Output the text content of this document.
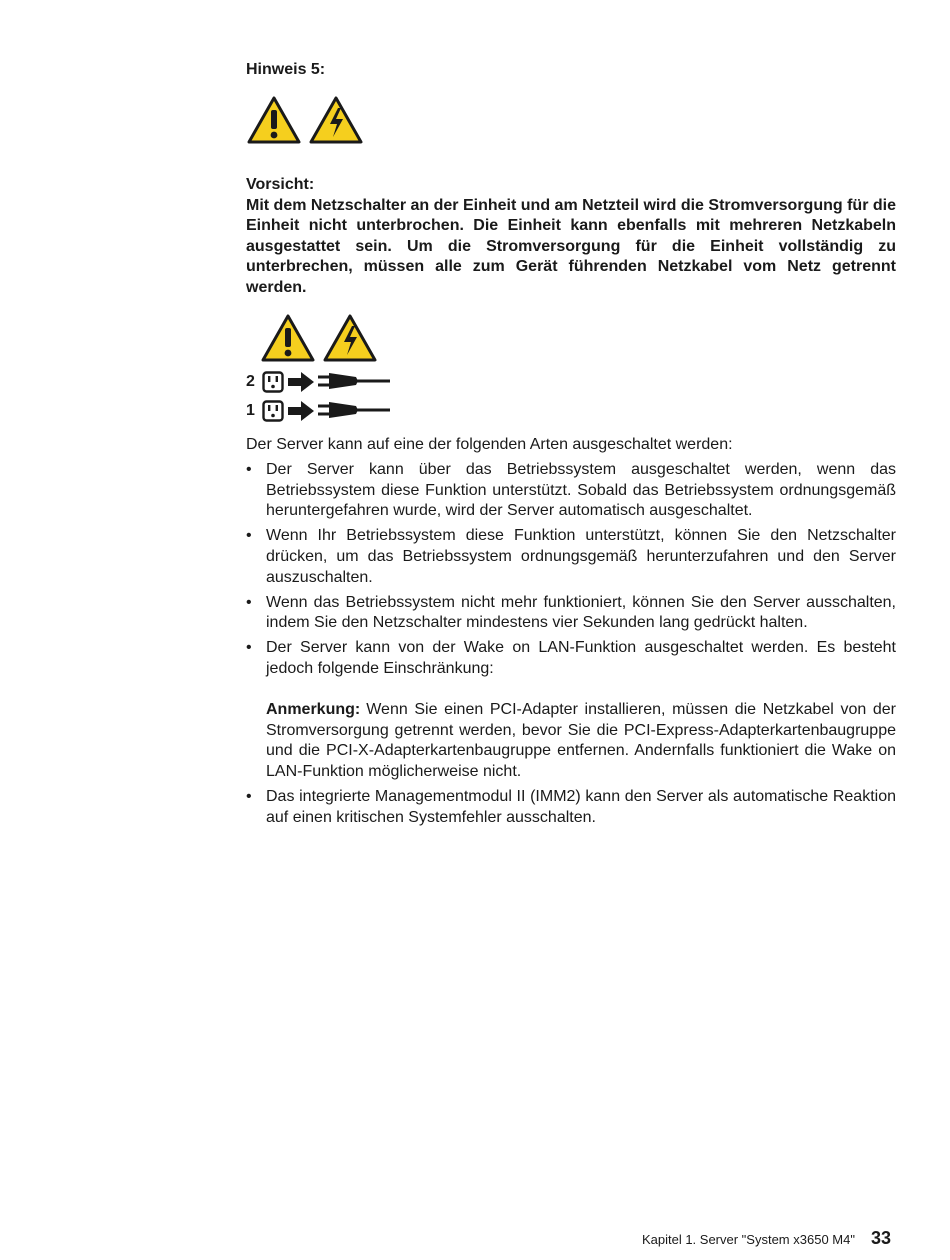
Hinweis 5:
Vorsicht:
Mit dem Netzschalter an der Einheit und am Netzteil wird die Stromversorgung für die Einheit nicht unterbrochen. Die Einheit kann ebenfalls mit mehreren Netzkabeln ausgestattet sein. Um die Stromversorgung für die Einheit vollständig zu unterbrechen, müssen alle zum Gerät führenden Netzkabel vom Netz getrennt werden.
2
1
Der Server kann auf eine der folgenden Arten ausgeschaltet werden:
• Der Server kann über das Betriebssystem ausgeschaltet werden, wenn das Betriebssystem diese Funktion unterstützt. Sobald das Betriebssystem ordnungsgemäß heruntergefahren wurde, wird der Server automatisch ausgeschaltet.
• Wenn Ihr Betriebssystem diese Funktion unterstützt, können Sie den Netzschalter drücken, um das Betriebssystem ordnungsgemäß herunterzufahren und den Server auszuschalten.
• Wenn das Betriebssystem nicht mehr funktioniert, können Sie den Server ausschalten, indem Sie den Netzschalter mindestens vier Sekunden lang gedrückt halten.
• Der Server kann von der Wake on LAN-Funktion ausgeschaltet werden. Es besteht jedoch folgende Einschränkung:
Anmerkung: Wenn Sie einen PCI-Adapter installieren, müssen die Netzkabel von der Stromversorgung getrennt werden, bevor Sie die PCI-Express-Adapterkartenbaugruppe und die PCI-X-Adapterkartenbaugruppe entfernen. Andernfalls funktioniert die Wake on LAN-Funktion möglicherweise nicht.
• Das integrierte Managementmodul II (IMM2) kann den Server als automatische Reaktion auf einen kritischen Systemfehler ausschalten.
Kapitel 1. Server "System x3650 M4" 33
